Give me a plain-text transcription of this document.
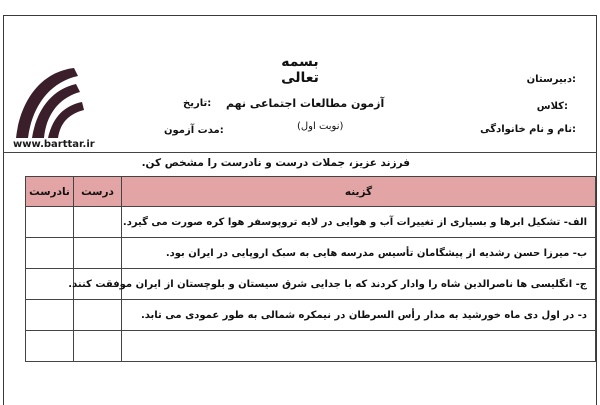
www.barttar.ir
بسمه تعالی	دبیرستان:
کلاس:
آزمون مطالعات اجتماعی نهم
تاریخ:
نام و نام خانوادگی:
(نوبت اول)
مدت آزمون:
فرزند عزیز، جملات درست و نادرست را مشخص کن.
نادرست	درست	گزینه
		الف- تشکیل ابرها و بسیاری از تغییرات آب و هوایی در لایه تروپوسفر هوا کره صورت می گیرد.
		ب- میرزا حسن رشدیه از پیشگامان تأسیس مدرسه هایی به سبک اروپایی در ایران بود.
		ج- انگلیسی ها ناصرالدین شاه را وادار کردند که با جدایی شرق سیستان و بلوچستان از ایران موفقت کنند.
		د- در اول دی ماه خورشید به مدار رأس السرطان در نیمکره شمالی به طور عمودی می تابد.
